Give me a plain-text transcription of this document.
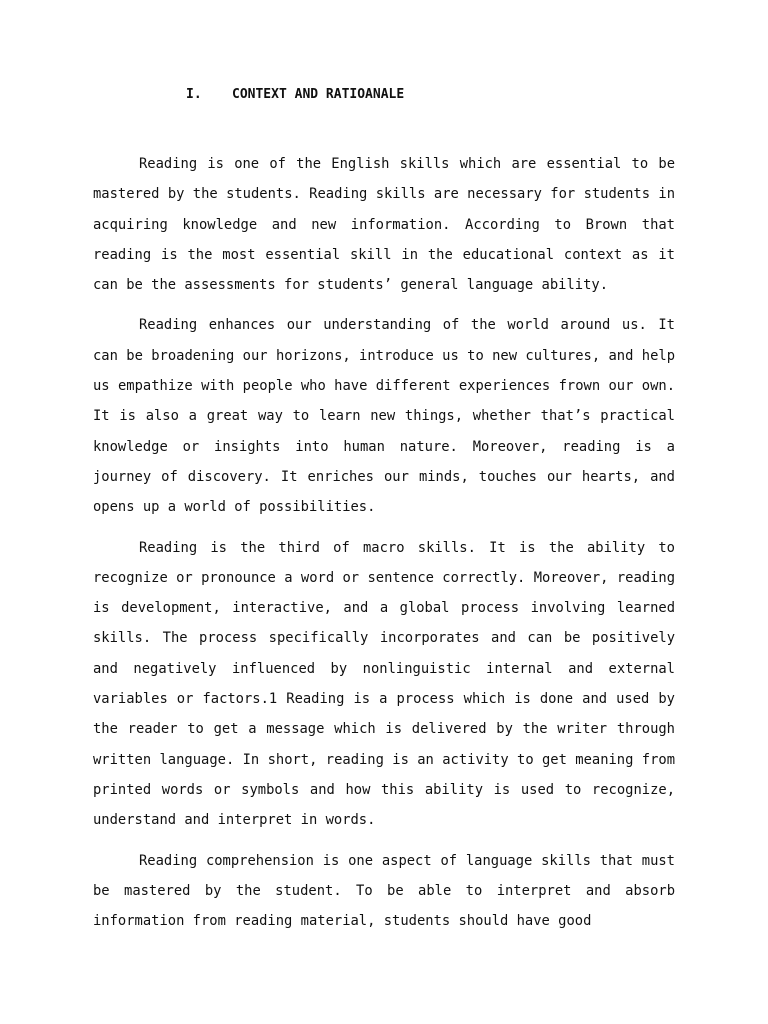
I. CONTEXT AND RATIOANALE

Reading is one of the English skills which are essential to be mastered by the students. Reading skills are necessary for students in acquiring knowledge and new information. According to Brown that reading is the most essential skill in the educational context as it can be the assessments for students’ general language ability.

Reading enhances our understanding of the world around us. It can be broadening our horizons, introduce us to new cultures, and help us empathize with people who have different experiences frown our own. It is also a great way to learn new things, whether that’s practical knowledge or insights into human nature. Moreover, reading is a journey of discovery. It enriches our minds, touches our hearts, and opens up a world of possibilities.

Reading is the third of macro skills. It is the ability to recognize or pronounce a word or sentence correctly. Moreover, reading is development, interactive, and a global process involving learned skills. The process specifically incorporates and can be positively and negatively influenced by nonlinguistic internal and external variables or factors.1 Reading is a process which is done and used by the reader to get a message which is delivered by the writer through written language. In short, reading is an activity to get meaning from printed words or symbols and how this ability is used to recognize, understand and interpret in words.

Reading comprehension is one aspect of language skills that must be mastered by the student. To be able to interpret and absorb information from reading material, students should have good
